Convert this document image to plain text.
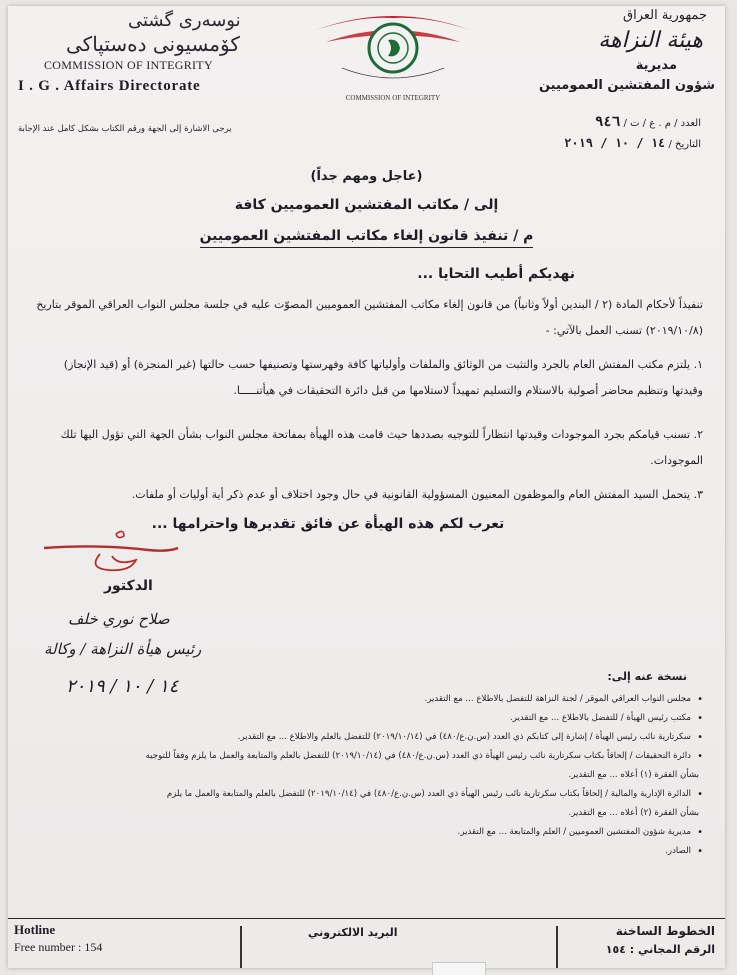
نوسەری گشتی
كۆمسیونی دەستپاكی
COMMISSION OF INTEGRITY
I . G . Affairs Directorate
COMMISSION OF INTEGRITY
جمهورية العراق
هيئة النزاهة
مديرية
شؤون المفتشين العموميين
يرجى الاشارة إلى الجهة ورقم الكتاب بشكل كامل عند الإجابة	العدد / م . ع / ت / ٩٤٦
التاريخ / ١٤ / ١٠ / ٢٠١٩
(عاجل ومهم جداً)
إلى / مكاتب المفتشين العموميين كافة
م / تنفيذ قانون إلغاء مكاتب المفتشين العموميين
نهديكم أطيب التحايا ...
تنفيذاً لأحكام المادة (٢ / البندين أولاً وثانياً) من قانون إلغاء مكاتب المفتشين العموميين المصوّت عليه في جلسة مجلس النواب العراقي الموقر بتاريخ (٢٠١٩/١٠/٨) تسنب العمل بالآتي: -
١. يلتزم مكتب المفتش العام بالجرد والتثبت من الوثائق والملفات وأولياتها كافة وفهرستها وتصنيفها حسب حالتها (غير المنجزة) أو (قيد الإنجاز) وقيدتها وتنظيم محاضر أصولية بالاستلام والتسليم تمهيداً لاستلامها من قبل دائرة التحقيقات في هيأتنـــــا.
٢. تسنب قيامكم بجرد الموجودات وقيدتها انتظاراً للتوجيه بصددها حيث قامت هذه الهيأة بمفاتحة مجلس النواب بشأن الجهة التي تؤول اليها تلك الموجودات.
٣. يتحمل السيد المفتش العام والموظفون المعنيون المسؤولية القانونية في حال وجود اختلاف أو عدم ذكر أية أوليات أو ملفات.
تعرب لكم هذه الهيأة عن فائق تقديرها واحترامها ...
الدكتور
صلاح نوري خلف
رئيس هيأة النزاهة / وكالة
١٤ / ١٠ / ٢٠١٩	نسخة عنه إلى:
• مجلس النواب العراقي الموقر / لجنة النزاهة للتفضل بالاطلاع ... مع التقدير.
• مكتب رئيس الهيأة / للتفضل بالاطلاع ... مع التقدير.
• سكرتارية نائب رئيس الهيأة / إشارة إلى كتابكم ذي العدد (س.ن.ع/٤٨٠) في (٢٠١٩/١٠/١٤) للتفضل بالعلم والاطلاع ... مع التقدير.
• دائرة التحقيقات / إلحاقاً بكتاب سكرتارية نائب رئيس الهيأة ذي العدد (س.ن.ع/٤٨٠) في (٢٠١٩/١٠/١٤) للتفضل بالعلم والمتابعة والعمل ما يلزم وفقاً للتوجيه
بشأن الفقرة (١) أعلاه ... مع التقدير.
• الدائرة الإدارية والمالية / إلحاقاً بكتاب سكرتارية نائب رئيس الهيأة ذي العدد (س.ن.ع/٤٨٠) في (٢٠١٩/١٠/١٤) للتفضل بالعلم والمتابعة والعمل ما يلزم
بشأن الفقرة (٢) أعلاه ... مع التقدير.
• مديرية شؤون المفتشين العموميين / العلم والمتابعة ... مع التقدير.
• الصادر.
Hotline
Free number : 154
البريد الالكتروني	الخطوط الساخنة
الرقم المجاني : ١٥٤
